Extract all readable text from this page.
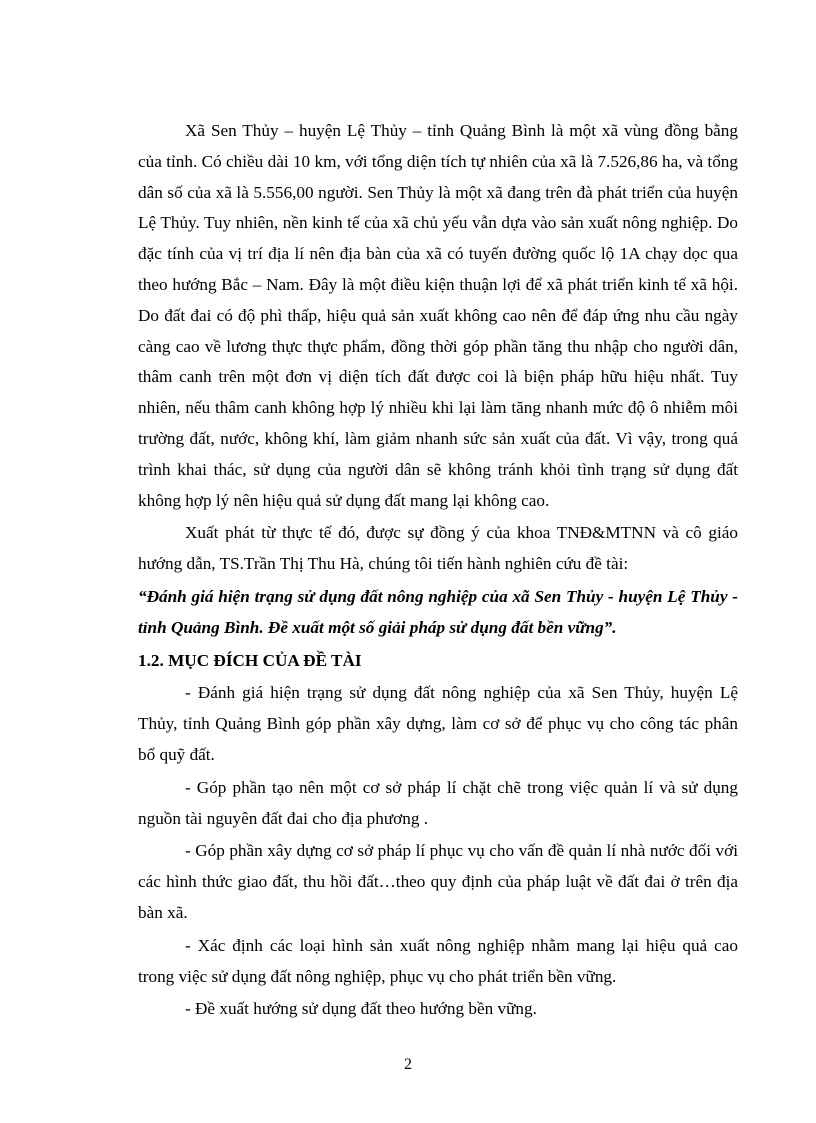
Xã Sen Thủy – huyện Lệ Thủy – tỉnh Quảng Bình là một xã vùng đồng bằng của tỉnh. Có chiều dài 10 km, với tổng diện tích tự nhiên của xã là 7.526,86 ha, và tổng dân số của xã là 5.556,00 người. Sen Thủy là một xã đang trên đà phát triển của huyện Lệ Thủy. Tuy nhiên, nền kinh tế của xã chủ yếu vẫn dựa vào sản xuất nông nghiệp. Do đặc tính của vị trí địa lí nên địa bàn của xã có tuyến đường quốc lộ 1A chạy dọc qua theo hướng Bắc – Nam. Đây là một điều kiện thuận lợi để xã phát triển kinh tế xã hội. Do đất đai có độ phì thấp, hiệu quả sản xuất không cao nên để đáp ứng nhu cầu ngày càng cao về lương thực thực phẩm, đồng thời góp phần tăng thu nhập cho người dân, thâm canh trên một đơn vị diện tích đất được coi là biện pháp hữu hiệu nhất. Tuy nhiên, nếu thâm canh không hợp lý nhiều khi lại làm tăng nhanh mức độ ô nhiễm môi trường đất, nước, không khí, làm giảm nhanh sức sản xuất của đất. Vì vậy, trong quá trình khai thác, sử dụng của người dân sẽ không tránh khỏi tình trạng sử dụng đất không hợp lý nên hiệu quả sử dụng đất mang lại không cao.

Xuất phát từ thực tế đó, được sự đồng ý của khoa TNĐ&MTNN và cô giáo hướng dẫn, TS.Trần Thị Thu Hà, chúng tôi tiến hành nghiên cứu đề tài:

“Đánh giá hiện trạng sử dụng đất nông nghiệp của xã Sen Thủy - huyện Lệ Thủy - tỉnh Quảng Bình. Đề xuất một số giải pháp sử dụng đất bền vững”.

1.2. MỤC ĐÍCH CỦA ĐỀ TÀI

- Đánh giá hiện trạng sử dụng đất nông nghiệp của xã Sen Thủy, huyện Lệ Thủy, tỉnh Quảng Bình góp phần xây dựng, làm cơ sở để phục vụ cho công tác phân bổ quỹ đất.

- Góp phần tạo nên một cơ sở pháp lí chặt chẽ trong việc quản lí và sử dụng nguồn tài nguyên đất đai cho địa phương .

- Góp phần xây dựng cơ sở pháp lí phục vụ cho vấn đề quản lí nhà nước đối với các hình thức giao đất, thu hồi đất…theo quy định của pháp luật về đất đai ở trên địa bàn xã.

- Xác định các loại hình sản xuất nông nghiệp nhằm mang lại hiệu quả cao trong việc sử dụng đất nông nghiệp, phục vụ cho phát triển bền vững.

- Đề xuất hướng sử dụng đất theo hướng bền vững.

2
